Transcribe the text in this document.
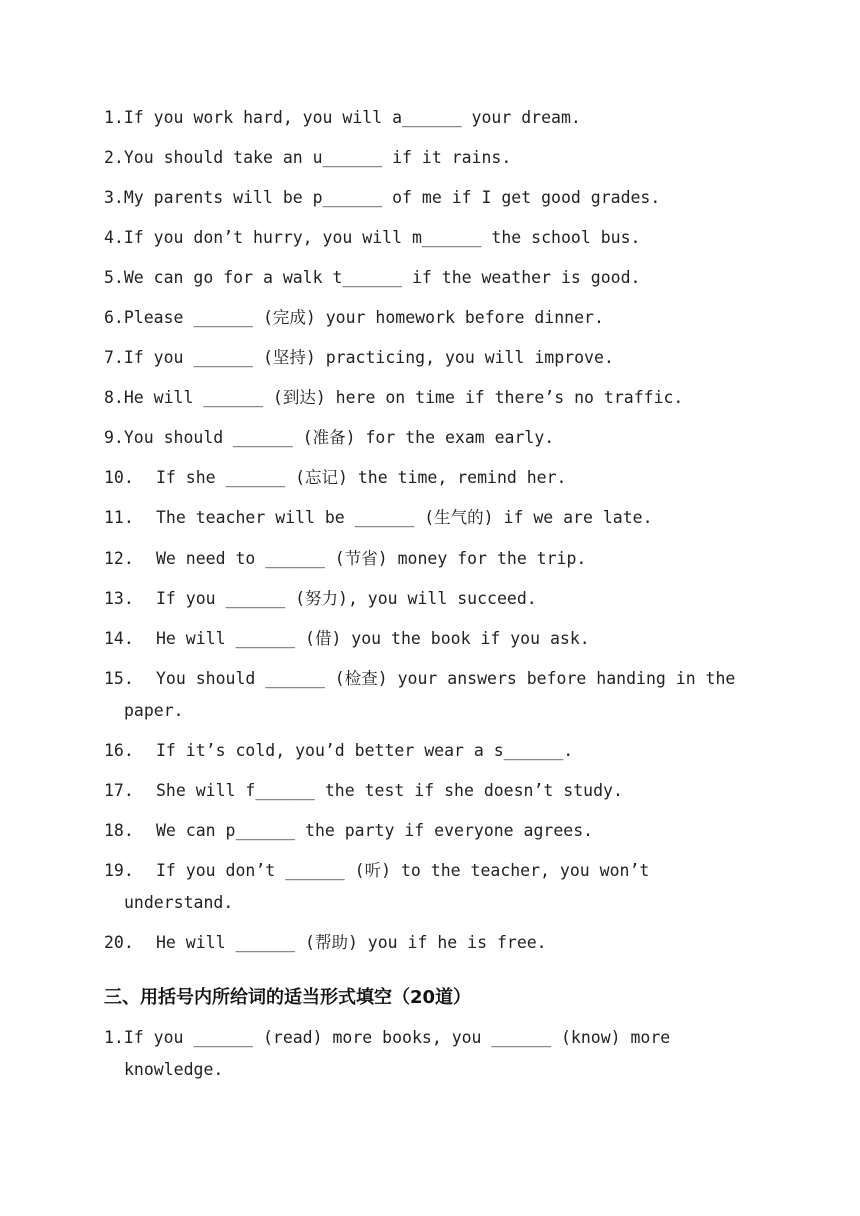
1.If you work hard, you will a______ your dream.
2.You should take an u______ if it rains.
3.My parents will be p______ of me if I get good grades.
4.If you don’t hurry, you will m______ the school bus.
5.We can go for a walk t______ if the weather is good.
6.Please ______ (完成) your homework before dinner.
7.If you ______ (坚持) practicing, you will improve.
8.He will ______ (到达) here on time if there’s no traffic.
9.You should ______ (准备) for the exam early.
10. If she ______ (忘记) the time, remind her.
11. The teacher will be ______ (生气的) if we are late.
12. We need to ______ (节省) money for the trip.
13. If you ______ (努力), you will succeed.
14. He will ______ (借) you the book if you ask.
15. You should ______ (检查) your answers before handing in the
paper.
16. If it’s cold, you’d better wear a s______.
17. She will f______ the test if she doesn’t study.
18. We can p______ the party if everyone agrees.
19. If you don’t ______ (听) to the teacher, you won’t
understand.
20. He will ______ (帮助) you if he is free.
三、用括号内所给词的适当形式填空（20道）
1.If you ______ (read) more books, you ______ (know) more
knowledge.
